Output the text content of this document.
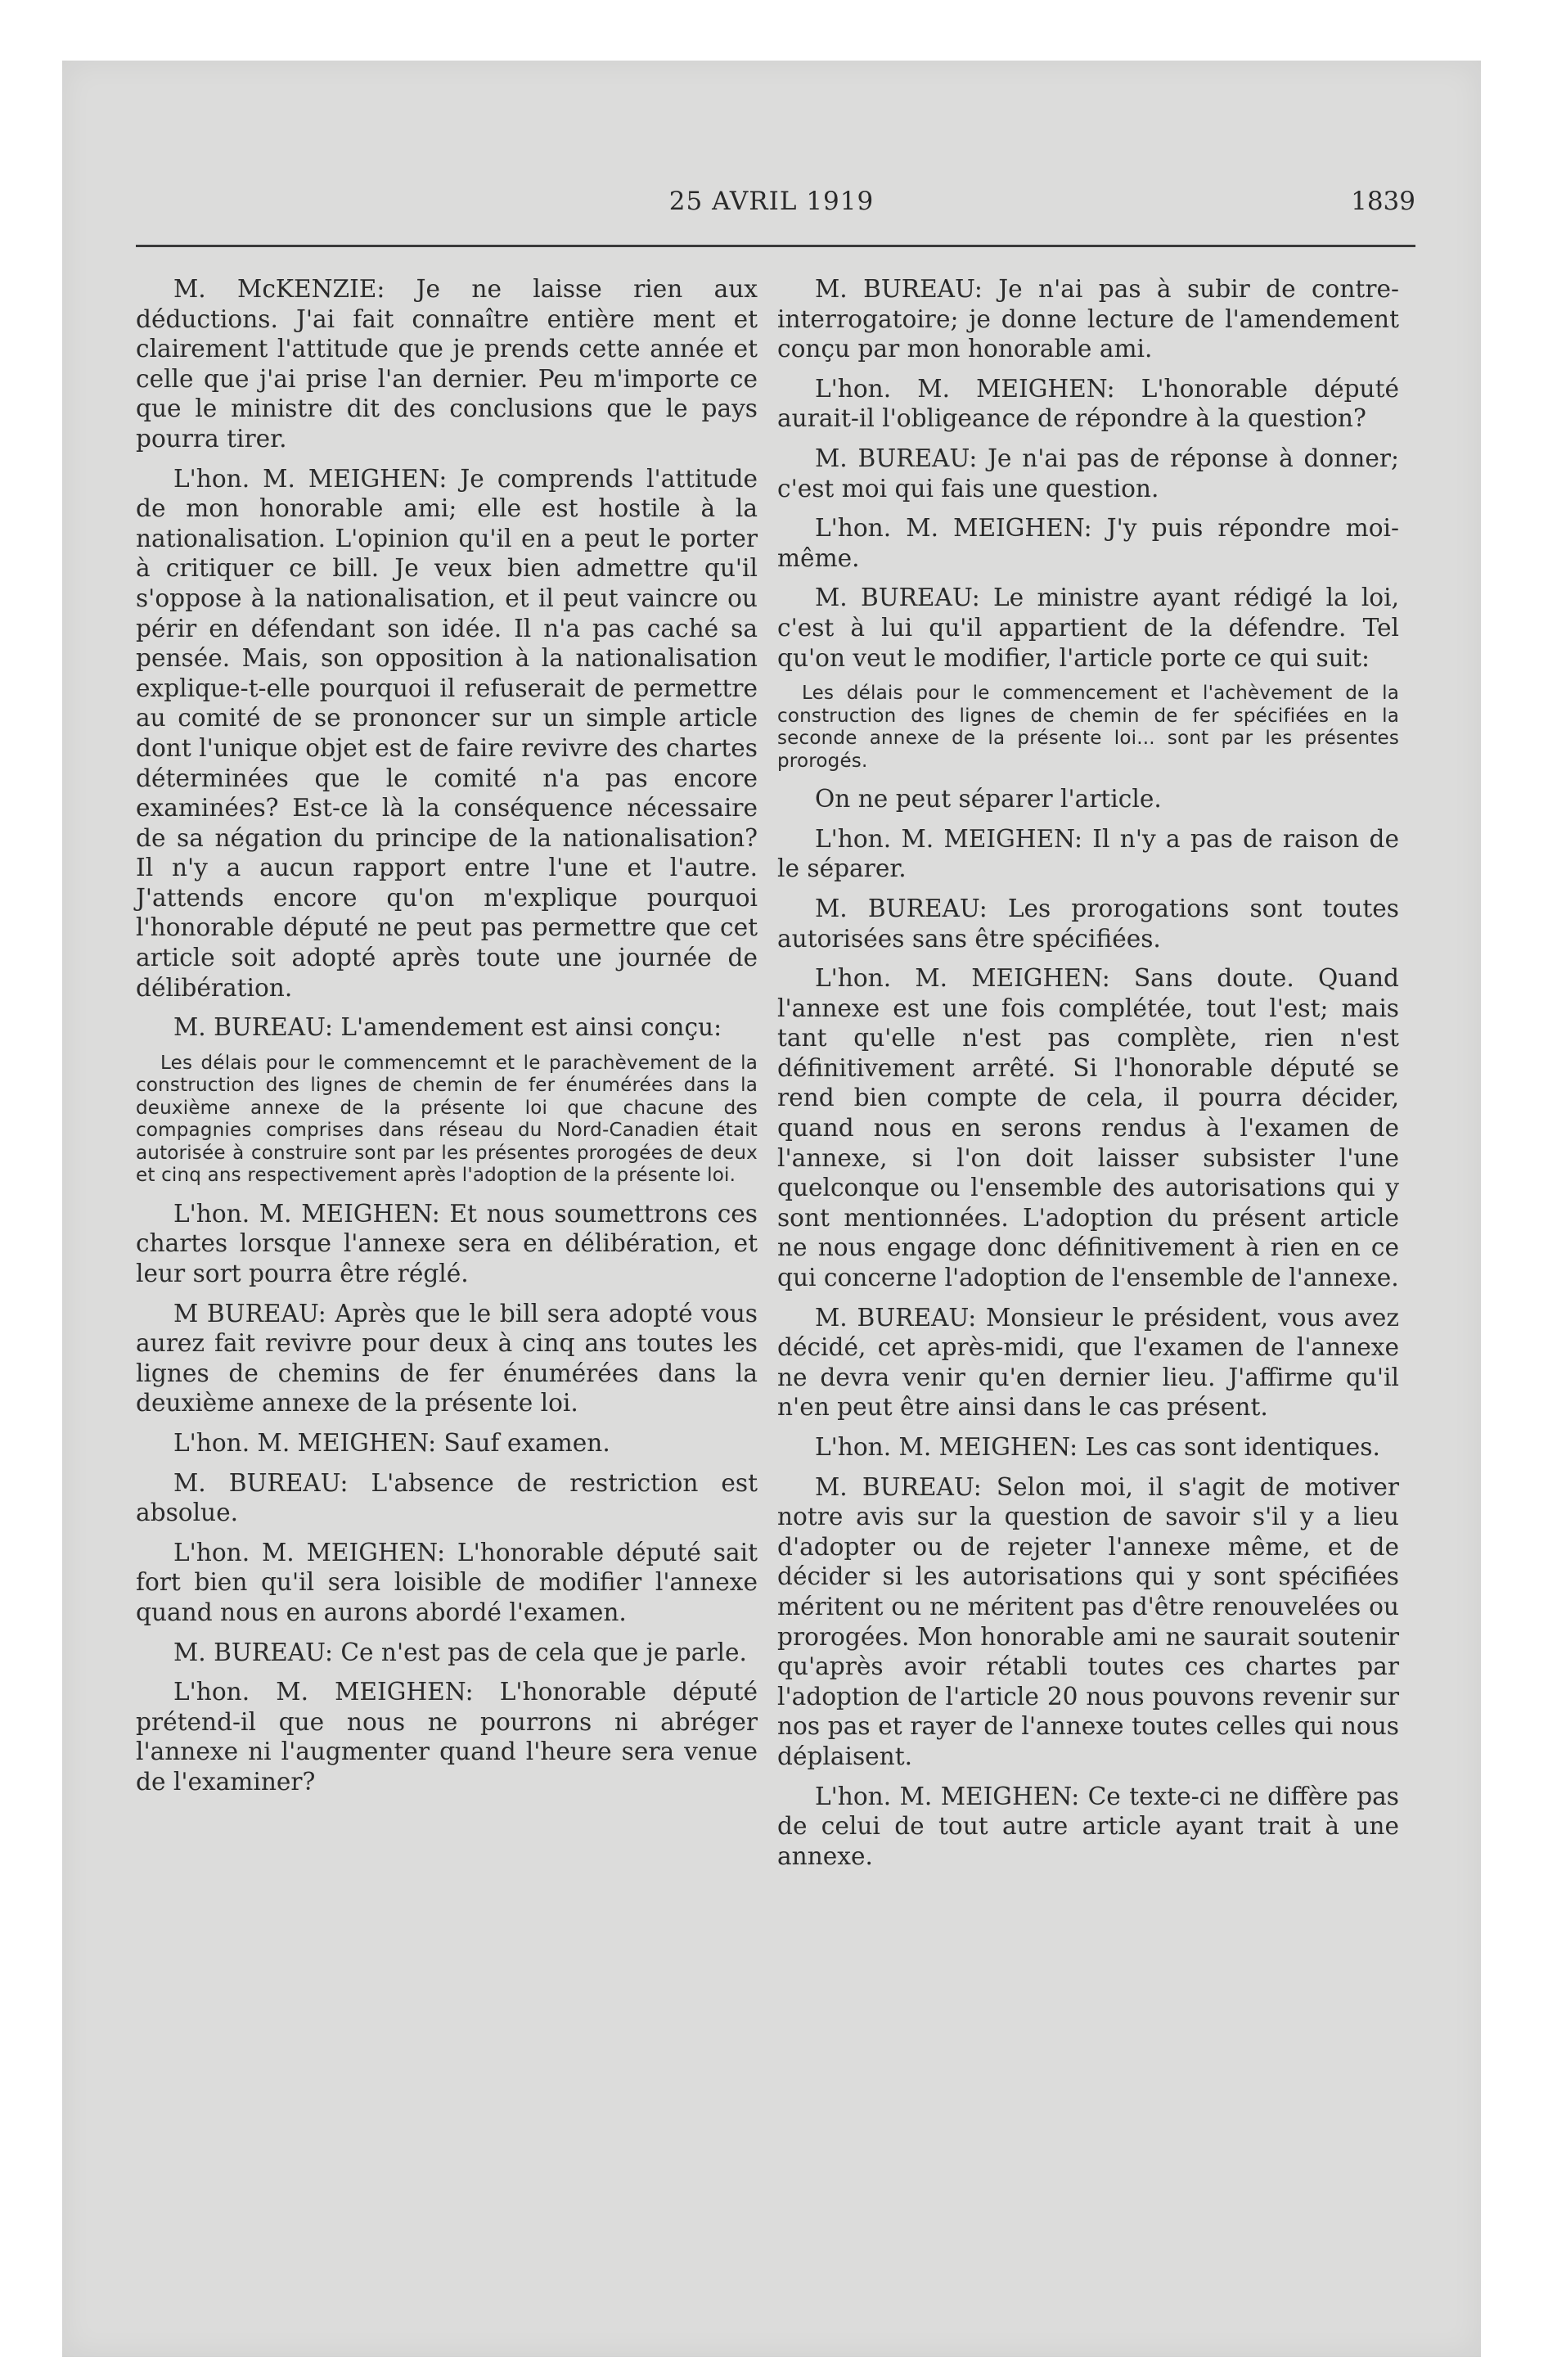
25 AVRIL 1919	1839

M. McKENZIE: Je ne laisse rien aux déductions. J'ai fait connaître entière ment et clairement l'attitude que je prends cette année et celle que j'ai prise l'an dernier. Peu m'importe ce que le ministre dit des conclusions que le pays pourra tirer.

L'hon. M. MEIGHEN: Je comprends l'attitude de mon honorable ami; elle est hostile à la nationalisation. L'opinion qu'il en a peut le porter à critiquer ce bill. Je veux bien admettre qu'il s'oppose à la nationalisation, et il peut vaincre ou périr en défendant son idée. Il n'a pas caché sa pensée. Mais, son opposition à la nationalisation explique-t-elle pourquoi il refuserait de permettre au comité de se prononcer sur un simple article dont l'unique objet est de faire revivre des chartes déterminées que le comité n'a pas encore examinées? Est-ce là la conséquence nécessaire de sa négation du principe de la nationalisation? Il n'y a aucun rapport entre l'une et l'autre. J'attends encore qu'on m'explique pourquoi l'honorable député ne peut pas permettre que cet article soit adopté après toute une journée de délibération.

M. BUREAU: L'amendement est ainsi conçu:

Les délais pour le commencemnt et le parachèvement de la construction des lignes de chemin de fer énumérées dans la deuxième annexe de la présente loi que chacune des compagnies comprises dans réseau du Nord-Canadien était autorisée à construire sont par les présentes prorogées de deux et cinq ans respectivement après l'adoption de la présente loi.

L'hon. M. MEIGHEN: Et nous soumettrons ces chartes lorsque l'annexe sera en délibération, et leur sort pourra être réglé.

M BUREAU: Après que le bill sera adopté vous aurez fait revivre pour deux à cinq ans toutes les lignes de chemins de fer énumérées dans la deuxième annexe de la présente loi.

L'hon. M. MEIGHEN: Sauf examen.

M. BUREAU: L'absence de restriction est absolue.

L'hon. M. MEIGHEN: L'honorable député sait fort bien qu'il sera loisible de modifier l'annexe quand nous en aurons abordé l'examen.

M. BUREAU: Ce n'est pas de cela que je parle.

L'hon. M. MEIGHEN: L'honorable député prétend-il que nous ne pourrons ni abréger l'annexe ni l'augmenter quand l'heure sera venue de l'examiner?

M. BUREAU: Je n'ai pas à subir de contre-interrogatoire; je donne lecture de l'amendement conçu par mon honorable ami.

L'hon. M. MEIGHEN: L'honorable député aurait-il l'obligeance de répondre à la question?

M. BUREAU: Je n'ai pas de réponse à donner; c'est moi qui fais une question.

L'hon. M. MEIGHEN: J'y puis répondre moi-même.

M. BUREAU: Le ministre ayant rédigé la loi, c'est à lui qu'il appartient de la défendre. Tel qu'on veut le modifier, l'article porte ce qui suit:

Les délais pour le commencement et l'achèvement de la construction des lignes de chemin de fer spécifiées en la seconde annexe de la présente loi... sont par les présentes prorogés.

On ne peut séparer l'article.

L'hon. M. MEIGHEN: Il n'y a pas de raison de le séparer.

M. BUREAU: Les prorogations sont toutes autorisées sans être spécifiées.

L'hon. M. MEIGHEN: Sans doute. Quand l'annexe est une fois complétée, tout l'est; mais tant qu'elle n'est pas complète, rien n'est définitivement arrêté. Si l'honorable député se rend bien compte de cela, il pourra décider, quand nous en serons rendus à l'examen de l'annexe, si l'on doit laisser subsister l'une quelconque ou l'ensemble des autorisations qui y sont mentionnées. L'adoption du présent article ne nous engage donc définitivement à rien en ce qui concerne l'adoption de l'ensemble de l'annexe.

M. BUREAU: Monsieur le président, vous avez décidé, cet après-midi, que l'examen de l'annexe ne devra venir qu'en dernier lieu. J'affirme qu'il n'en peut être ainsi dans le cas présent.

L'hon. M. MEIGHEN: Les cas sont identiques.

M. BUREAU: Selon moi, il s'agit de motiver notre avis sur la question de savoir s'il y a lieu d'adopter ou de rejeter l'annexe même, et de décider si les autorisations qui y sont spécifiées méritent ou ne méritent pas d'être renouvelées ou prorogées. Mon honorable ami ne saurait soutenir qu'après avoir rétabli toutes ces chartes par l'adoption de l'article 20 nous pouvons revenir sur nos pas et rayer de l'annexe toutes celles qui nous déplaisent.

L'hon. M. MEIGHEN: Ce texte-ci ne diffère pas de celui de tout autre article ayant trait à une annexe.
